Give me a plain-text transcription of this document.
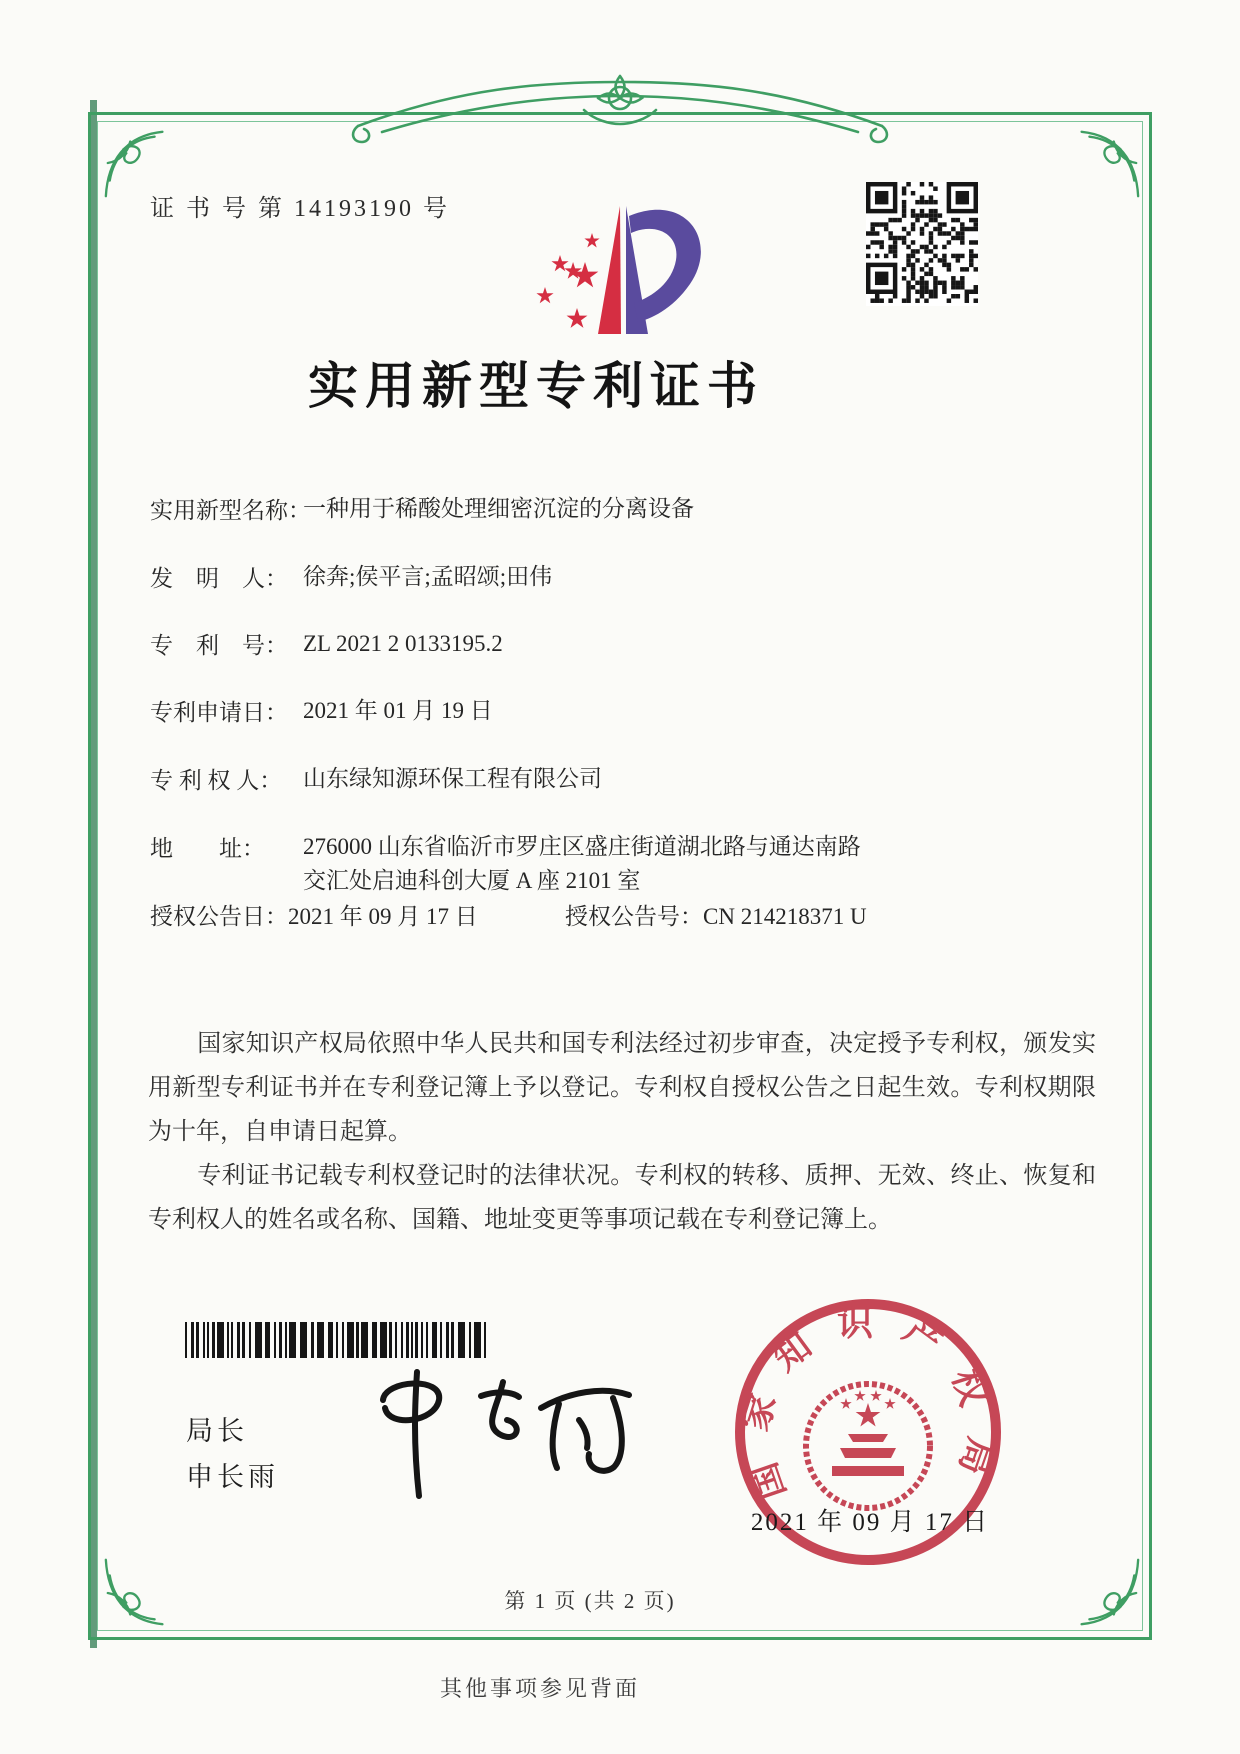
证 书 号 第 14193190 号
实用新型专利证书
实用新型名称：
一种用于稀酸处理细密沉淀的分离设备
发　明　人： 徐奔;侯平言;孟昭颂;田伟
专　利　号： ZL 2021 2 0133195.2
专利申请日： 2021 年 01 月 19 日
专 利 权 人： 山东绿知源环保工程有限公司
地　　址：	276000 山东省临沂市罗庄区盛庄街道湖北路与通达南路
交汇处启迪科创大厦 A 座 2101 室
授权公告日：2021 年 09 月 17 日	授权公告号：CN 214218371 U

国家知识产权局依照中华人民共和国专利法经过初步审查，决定授予专利权，颁发实用新型专利证书并在专利登记簿上予以登记。专利权自授权公告之日起生效。专利权期限为十年，自申请日起算。

专利证书记载专利权登记时的法律状况。专利权的转移、质押、无效、终止、恢复和专利权人的姓名或名称、国籍、地址变更等事项记载在专利登记簿上。

局长
申长雨	国家知识产权局
2021 年 09 月 17 日
第 1 页 (共 2 页)
其他事项参见背面
